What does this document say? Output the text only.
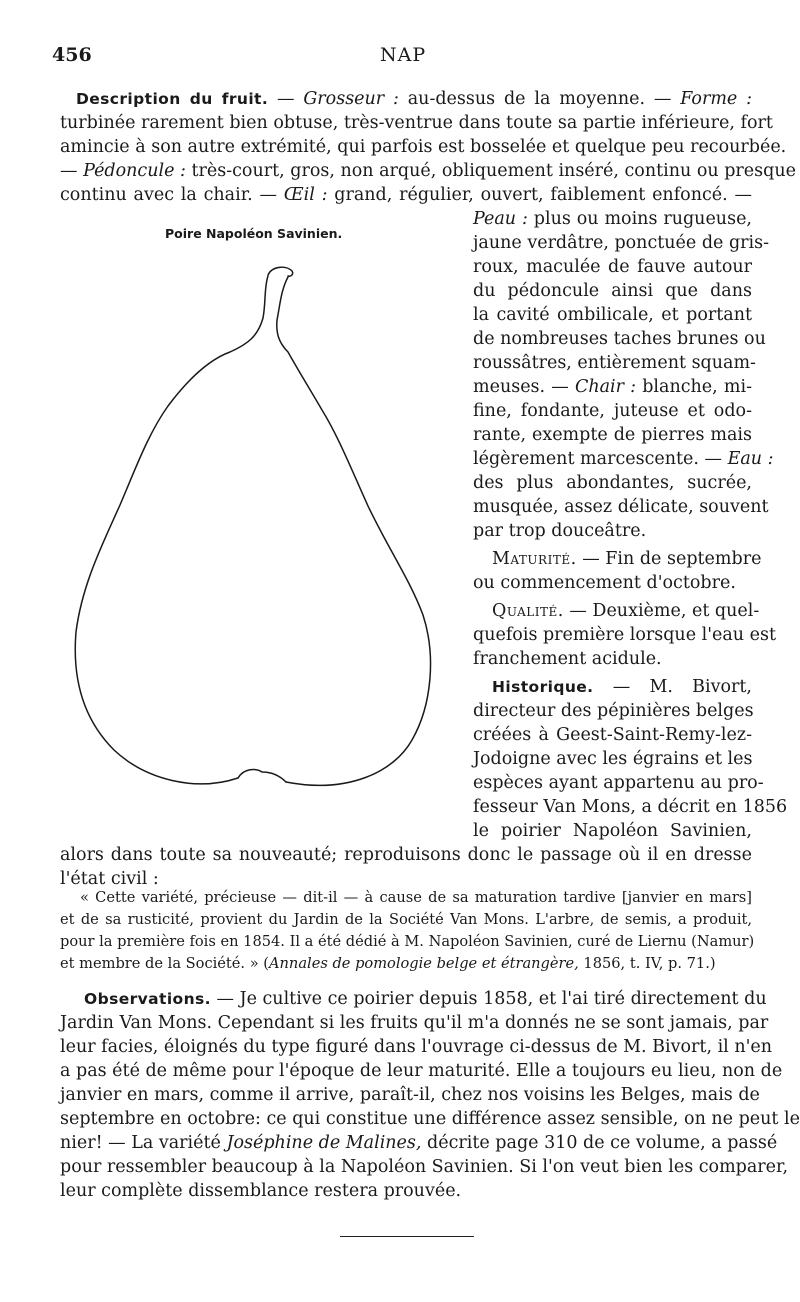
456	NAP
Description du fruit. — Grosseur : au-dessus de la moyenne. — Forme :
turbinée rarement bien obtuse, très-ventrue dans toute sa partie inférieure, fort
amincie à son autre extrémité, qui parfois est bosselée et quelque peu recourbée.
— Pédoncule : très-court, gros, non arqué, obliquement inséré, continu ou presque
continu avec la chair. — Œil : grand, régulier, ouvert, faiblement enfoncé. —
Peau : plus ou moins rugueuse,
jaune verdâtre, ponctuée de gris-
roux, maculée de fauve autour
du pédoncule ainsi que dans
la cavité ombilicale, et portant
de nombreuses taches brunes ou
roussâtres, entièrement squam-
meuses. — Chair : blanche, mi-
fine, fondante, juteuse et odo-
rante, exempte de pierres mais
légèrement marcescente. — Eau :
des plus abondantes, sucrée,
musquée, assez délicate, souvent
par trop douceâtre.
Maturité. — Fin de septembre
ou commencement d'octobre.
Qualité. — Deuxième, et quel-
quefois première lorsque l'eau est
franchement acidule.
Historique. — M. Bivort,
directeur des pépinières belges
créées à Geest-Saint-Remy-lez-
Jodoigne avec les égrains et les
espèces ayant appartenu au pro-
fesseur Van Mons, a décrit en 1856
le poirier Napoléon Savinien,
alors dans toute sa nouveauté; reproduisons donc le passage où il en dresse
l'état civil :
Poire Napoléon Savinien.
« Cette variété, précieuse — dit-il — à cause de sa maturation tardive [janvier en mars]
et de sa rusticité, provient du Jardin de la Société Van Mons. L'arbre, de semis, a produit,
pour la première fois en 1854. Il a été dédié à M. Napoléon Savinien, curé de Liernu (Namur)
et membre de la Société. » (Annales de pomologie belge et étrangère, 1856, t. IV, p. 71.)
Observations. — Je cultive ce poirier depuis 1858, et l'ai tiré directement du
Jardin Van Mons. Cependant si les fruits qu'il m'a donnés ne se sont jamais, par
leur facies, éloignés du type figuré dans l'ouvrage ci-dessus de M. Bivort, il n'en
a pas été de même pour l'époque de leur maturité. Elle a toujours eu lieu, non de
janvier en mars, comme il arrive, paraît-il, chez nos voisins les Belges, mais de
septembre en octobre: ce qui constitue une différence assez sensible, on ne peut le
nier! — La variété Joséphine de Malines, décrite page 310 de ce volume, a passé
pour ressembler beaucoup à la Napoléon Savinien. Si l'on veut bien les comparer,
leur complète dissemblance restera prouvée.
